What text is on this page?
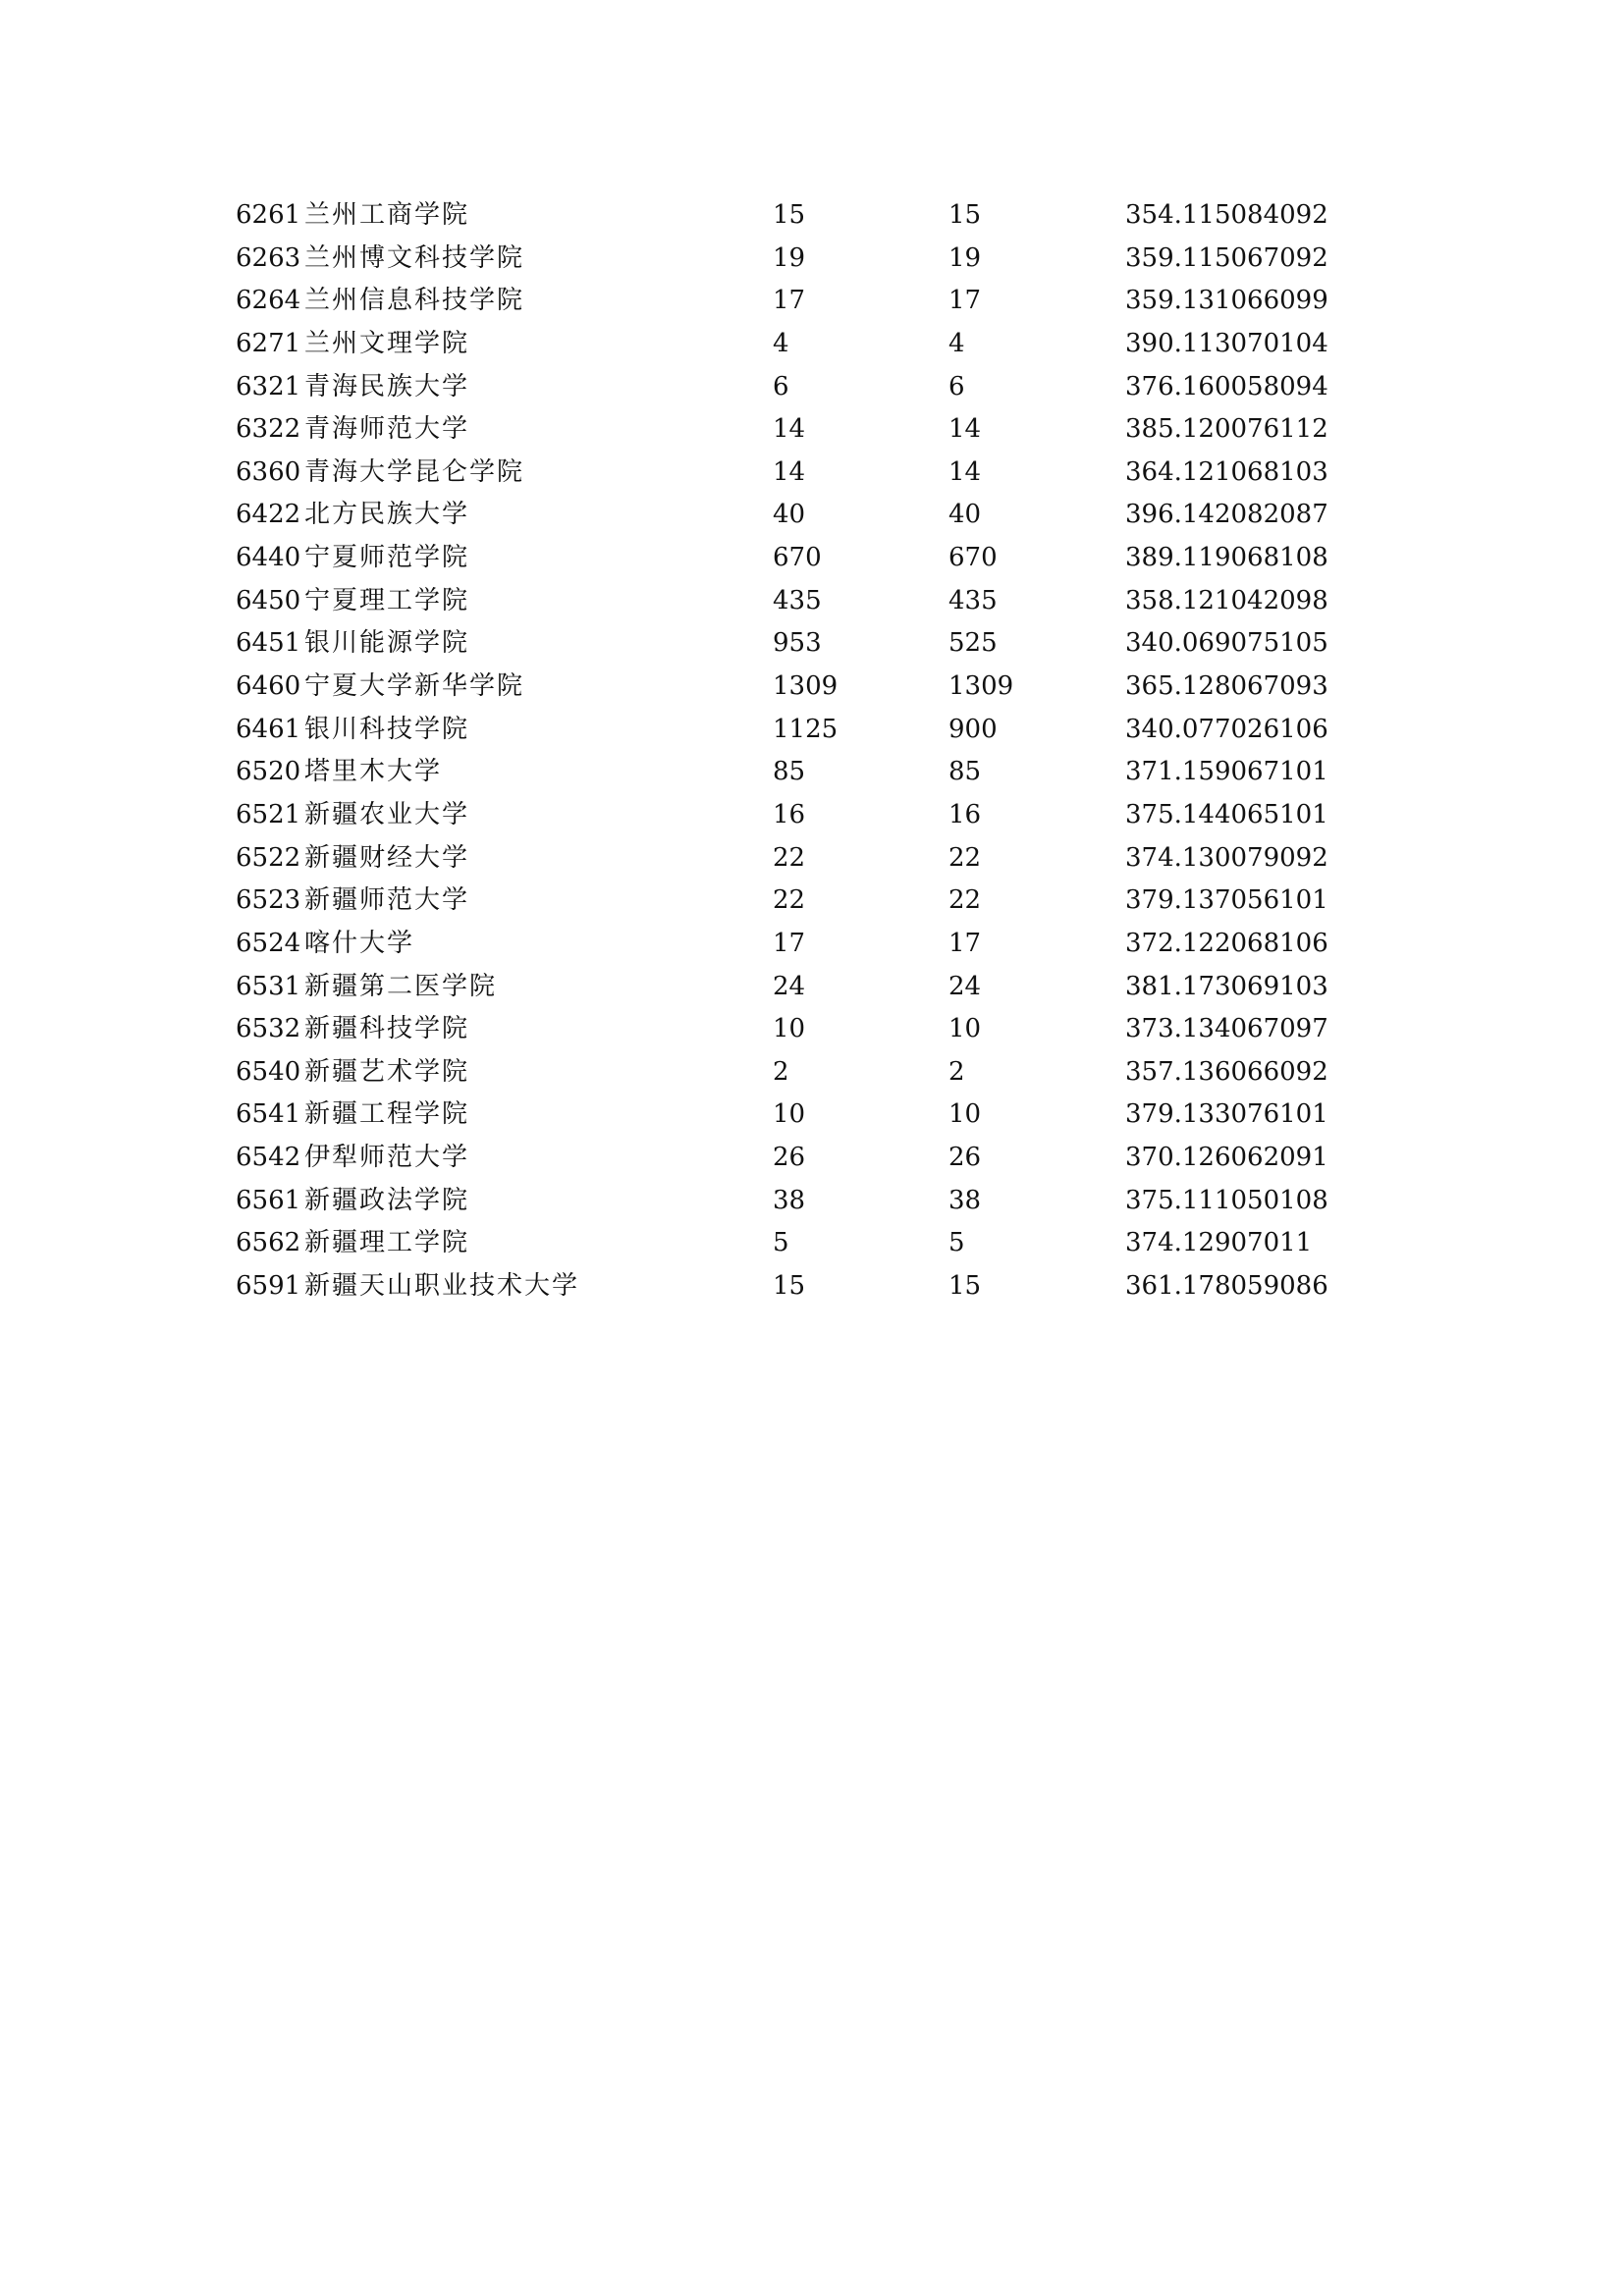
6261 兰州工商学院	15	15	354.115084092
6263 兰州博文科技学院	19	19	359.115067092
6264 兰州信息科技学院	17	17	359.131066099
6271 兰州文理学院	4	4	390.113070104
6321 青海民族大学	6	6	376.160058094
6322 青海师范大学	14	14	385.120076112
6360 青海大学昆仑学院	14	14	364.121068103
6422 北方民族大学	40	40	396.142082087
6440 宁夏师范学院	670	670	389.119068108
6450 宁夏理工学院	435	435	358.121042098
6451 银川能源学院	953	525	340.069075105
6460 宁夏大学新华学院	1309	1309	365.128067093
6461 银川科技学院	1125	900	340.077026106
6520 塔里木大学	85	85	371.159067101
6521 新疆农业大学	16	16	375.144065101
6522 新疆财经大学	22	22	374.130079092
6523 新疆师范大学	22	22	379.137056101
6524 喀什大学	17	17	372.122068106
6531 新疆第二医学院	24	24	381.173069103
6532 新疆科技学院	10	10	373.134067097
6540 新疆艺术学院	2	2	357.136066092
6541 新疆工程学院	10	10	379.133076101
6542 伊犁师范大学	26	26	370.126062091
6561 新疆政法学院	38	38	375.111050108
6562 新疆理工学院	5	5	374.12907011
6591 新疆天山职业技术大学	15	15	361.178059086
